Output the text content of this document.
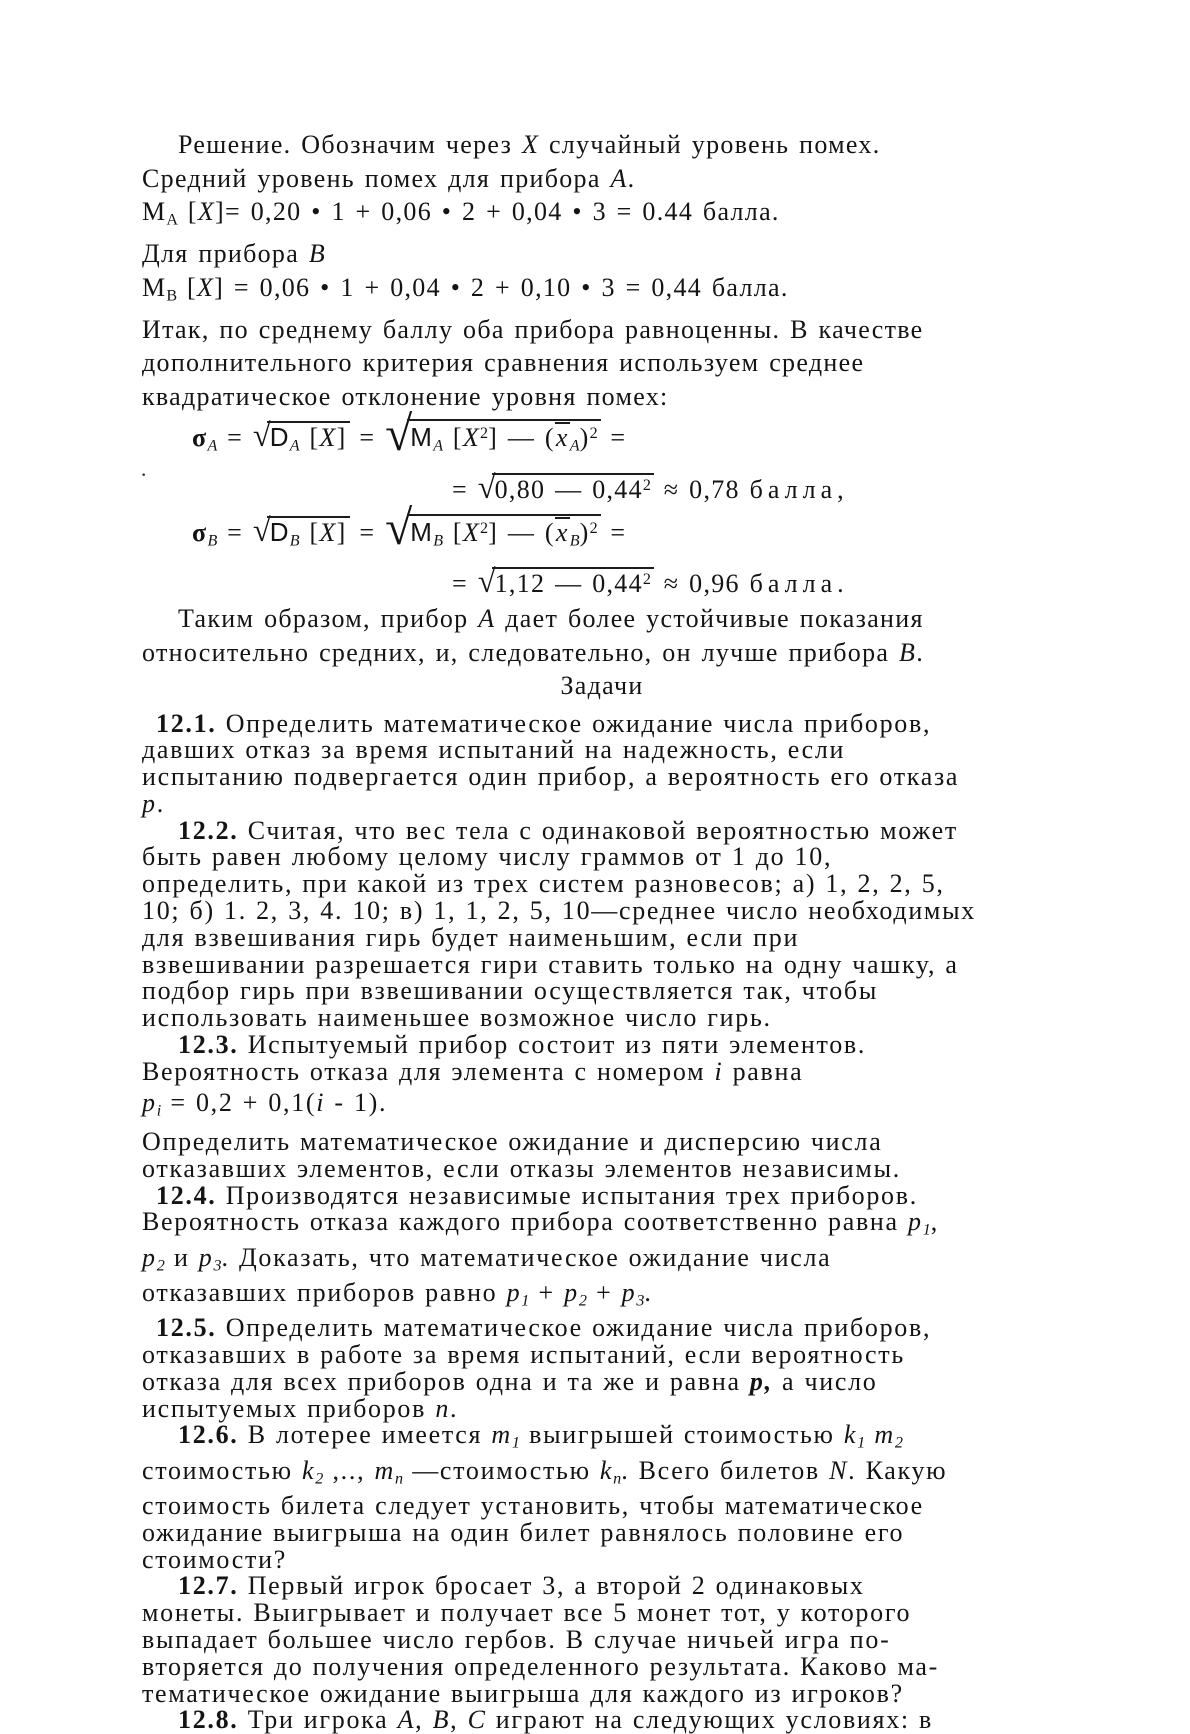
Решение. Обозначим через X случайный уровень помех.
Средний уровень помех для прибора А.
$M_А$ [X]= 0,20 • 1 + 0,06 • 2 + 0,04 • 3 = 0.44 балла.
Для прибора B
$M_В$ [X] = 0,06 • 1 + 0,04 • 2 + 0,10 • 3 = 0,44 балла.
Итак, по среднему баллу оба прибора равноценны. В качестве
дополнительного критерия сравнения используем среднее
квадратическое отклонение уровня помех:
$\sigma_A = √D_A$ $[X] = √M_A$ $[X^2]$ — $(x_A)^2$ =
= √0,80 — $0,44^2 \approx 0,78$ балла,
$\sigma_B = √D_B$ $[X] = √M_B$ $[X^2]$ — $(x_B)^2$ =
= √1,12 — $0,44^2 \approx 0,96$ балла.
Таким образом, прибор А дает более устойчивые показания
относительно средних, и, следовательно, он лучше прибора В.
Задачи
12.1. Определить математическое ожидание числа приборов,
давших отказ за время испытаний на надежность, если
испытанию подвергается один прибор, а вероятность его отказа
p.
12.2. Считая, что вес тела с одинаковой вероятностью может
быть равен любому целому числу граммов от 1 до 10,
определить, при какой из трех систем разновесов; а) 1, 2, 2, 5,
10; б) 1. 2, 3, 4. 10; в) 1, 1, 2, 5, 10—среднее число необходимых
для взвешивания гирь будет наименьшим, если при
взвешивании разрешается гири ставить только на одну чашку, а
подбор гирь при взвешивании осуществляется так, чтобы
использовать наименьшее возможное число гирь.
12.3. Испытуемый прибор состоит из пяти элементов.
Вероятность отказа для элемента с номером i равна
$p_i = 0,2 + 0,1(i - 1)$.
Определить математическое ожидание и дисперсию числа
отказавших элементов, если отказы элементов независимы.
12.4. Производятся независимые испытания трех приборов.
Вероятность отказа каждого прибора соответственно равна $p_1$,
$p_2$ и $p_3$. Доказать, что математическое ожидание числа
отказавших приборов равно $p_1 + p_2 + p_3$.
12.5. Определить математическое ожидание числа приборов,
отказавших в работе за время испытаний, если вероятность
отказа для всех приборов одна и та же и равна p, а число
испытуемых приборов n.
12.6. В лотерее имеется $m_1$ выигрышей стоимостью $k_1$ $m_2$
стоимостью $k_2$ ,.., $m_n$ —стоимостью $k_n$. Всего билетов N. Какую
стоимость билета следует установить, чтобы математическое
ожидание выигрыша на один билет равнялось половине его
стоимости?
12.7. Первый игрок бросает 3, а второй 2 одинаковых
монеты. Выигрывает и получает все 5 монет тот, у которого
выпадает большее число гербов. В случае ничьей игра по-
вторяется до получения определенного результата. Каково ма-
тематическое ожидание выигрыша для каждого из игроков?
12.8. Три игрока А, В, С играют на следующих условиях: в
·
